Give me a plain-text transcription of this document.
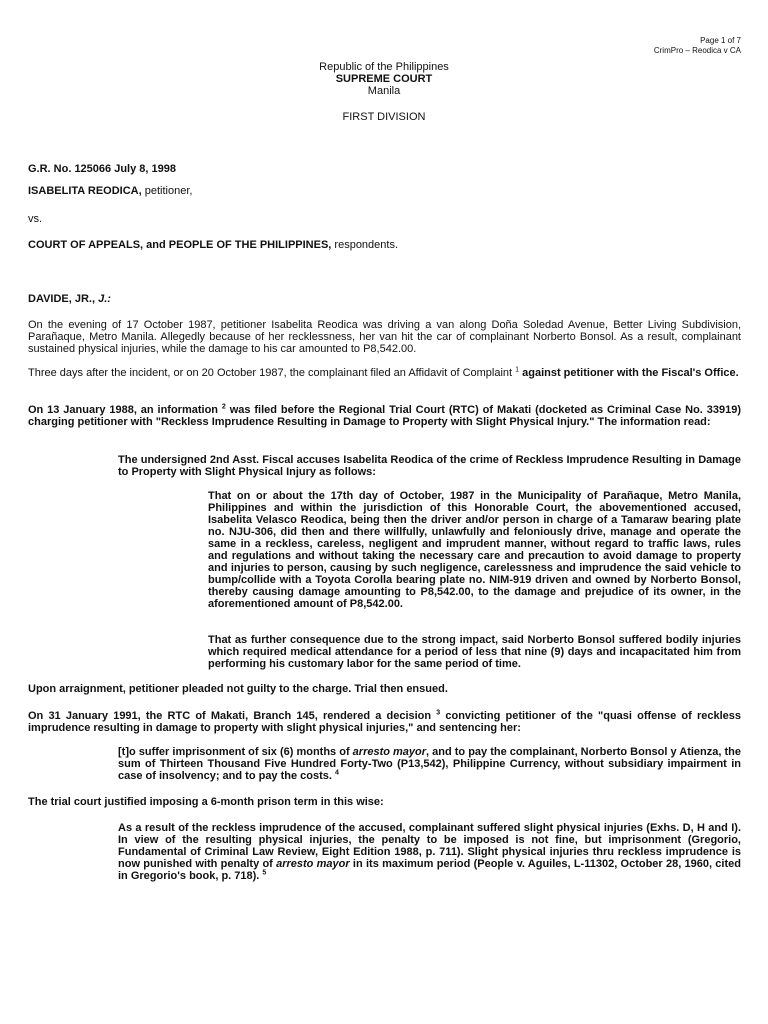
Page 1 of 7
CrimPro – Reodica v CA
Republic of the Philippines
SUPREME COURT
Manila
FIRST DIVISION
G.R. No. 125066 July 8, 1998
ISABELITA REODICA, petitioner,
vs.
COURT OF APPEALS, and PEOPLE OF THE PHILIPPINES, respondents.
DAVIDE, JR., J.:
On the evening of 17 October 1987, petitioner Isabelita Reodica was driving a van along Doña Soledad Avenue, Better Living Subdivision, Parañaque, Metro Manila. Allegedly because of her recklessness, her van hit the car of complainant Norberto Bonsol. As a result, complainant sustained physical injuries, while the damage to his car amounted to P8,542.00.
Three days after the incident, or on 20 October 1987, the complainant filed an Affidavit of Complaint $^1$ against petitioner with the Fiscal's Office.
On 13 January 1988, an information $^2$ was filed before the Regional Trial Court (RTC) of Makati (docketed as Criminal Case No. 33919) charging petitioner with "Reckless Imprudence Resulting in Damage to Property with Slight Physical Injury." The information read:
The undersigned 2nd Asst. Fiscal accuses Isabelita Reodica of the crime of Reckless Imprudence Resulting in Damage to Property with Slight Physical Injury as follows:
That on or about the 17th day of October, 1987 in the Municipality of Parañaque, Metro Manila, Philippines and within the jurisdiction of this Honorable Court, the abovementioned accused, Isabelita Velasco Reodica, being then the driver and/or person in charge of a Tamaraw bearing plate no. NJU-306, did then and there willfully, unlawfully and feloniously drive, manage and operate the same in a reckless, careless, negligent and imprudent manner, without regard to traffic laws, rules and regulations and without taking the necessary care and precaution to avoid damage to property and injuries to person, causing by such negligence, carelessness and imprudence the said vehicle to bump/collide with a Toyota Corolla bearing plate no. NIM-919 driven and owned by Norberto Bonsol, thereby causing damage amounting to P8,542.00, to the damage and prejudice of its owner, in the aforementioned amount of P8,542.00.
That as further consequence due to the strong impact, said Norberto Bonsol suffered bodily injuries which required medical attendance for a period of less that nine (9) days and incapacitated him from performing his customary labor for the same period of time.
Upon arraignment, petitioner pleaded not guilty to the charge. Trial then ensued.
On 31 January 1991, the RTC of Makati, Branch 145, rendered a decision $^3$ convicting petitioner of the "quasi offense of reckless imprudence resulting in damage to property with slight physical injuries," and sentencing her:
[t]o suffer imprisonment of six (6) months of arresto mayor, and to pay the complainant, Norberto Bonsol y Atienza, the sum of Thirteen Thousand Five Hundred Forty-Two (P13,542), Philippine Currency, without subsidiary impairment in case of insolvency; and to pay the costs. $^4$
The trial court justified imposing a 6-month prison term in this wise:
As a result of the reckless imprudence of the accused, complainant suffered slight physical injuries (Exhs. D, H and I). In view of the resulting physical injuries, the penalty to be imposed is not fine, but imprisonment (Gregorio, Fundamental of Criminal Law Review, Eight Edition 1988, p. 711). Slight physical injuries thru reckless imprudence is now punished with penalty of arresto mayor in its maximum period (People v. Aguiles, L-11302, October 28, 1960, cited in Gregorio's book, p. 718). $^5$
